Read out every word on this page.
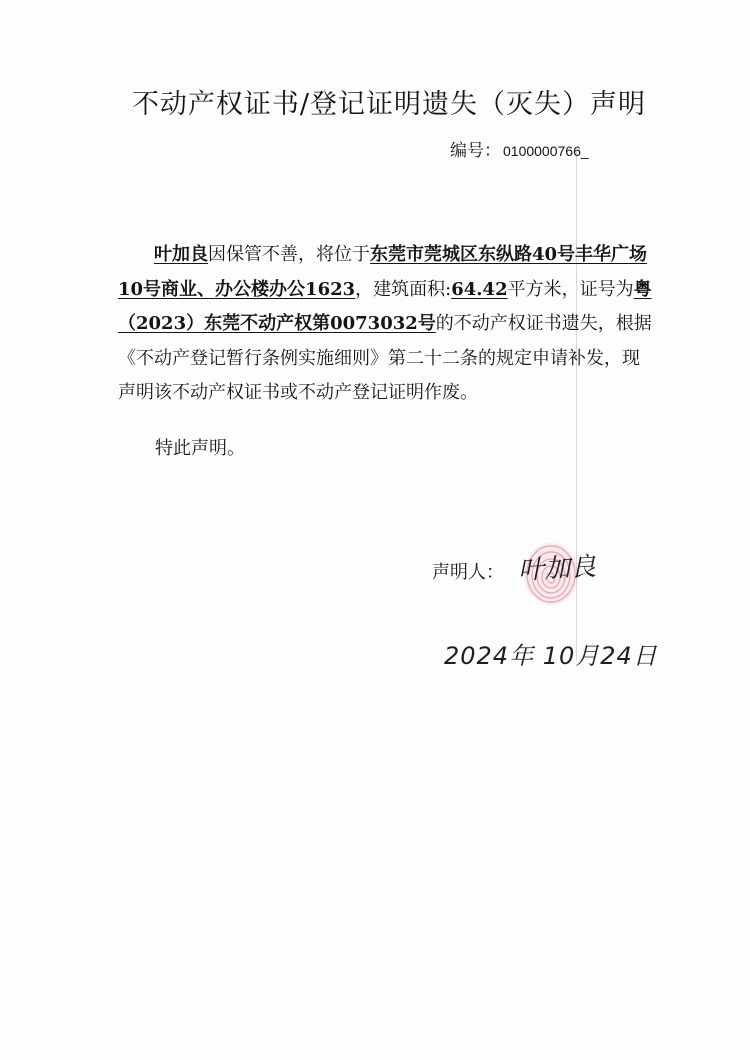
不动产权证书/登记证明遗失（灭失）声明
编号： 0100000766_
叶加良因保管不善，将位于东莞市莞城区东纵路40号丰华广场10号商业、办公楼办公1623，建筑面积:64.42平方米，证号为粤（2023）东莞不动产权第0073032号的不动产权证书遗失，根据《不动产登记暂行条例实施细则》第二十二条的规定申请补发，现声明该不动产权证书或不动产登记证明作废。
特此声明。
声明人： 叶加良
2024年 10月24日
